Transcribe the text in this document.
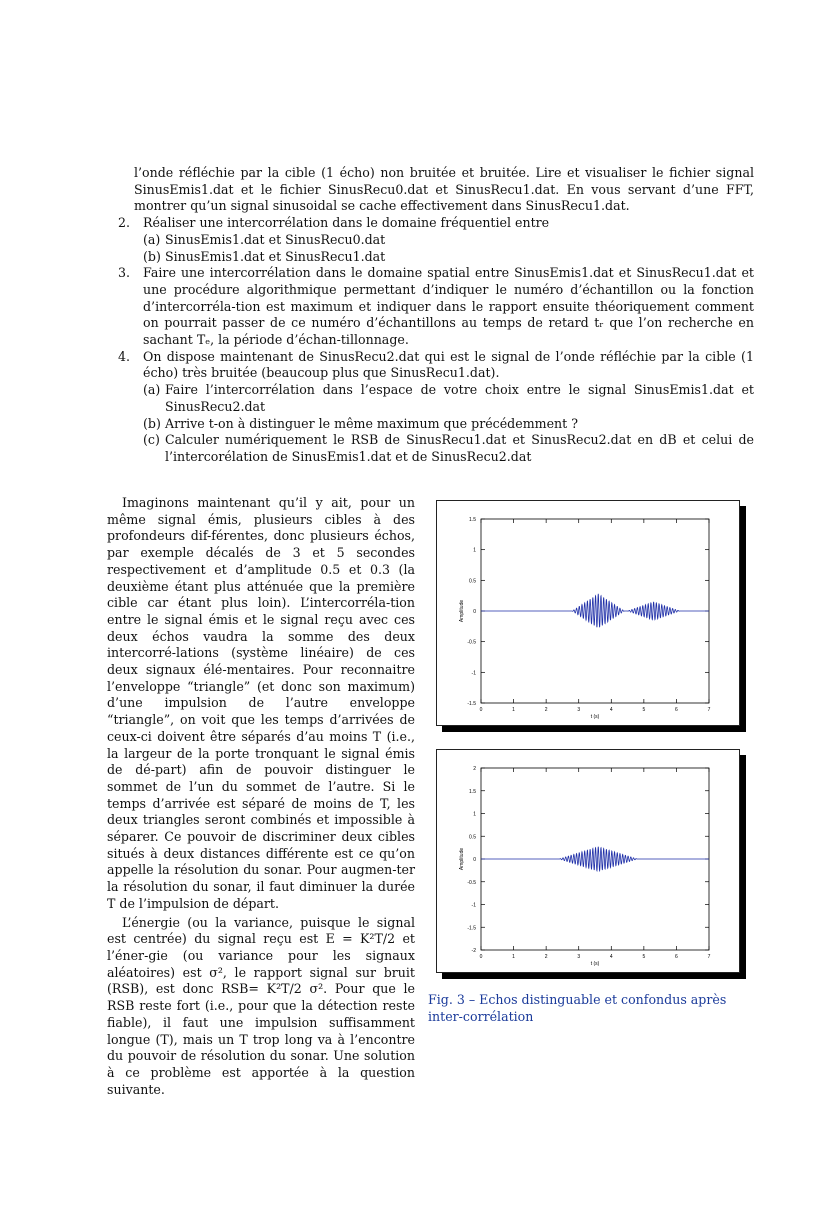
l’onde réfléchie par la cible (1 écho) non bruitée et bruitée. Lire et visualiser le fichier signal SinusEmis1.dat et le fichier SinusRecu0.dat et SinusRecu1.dat. En vous servant d’une FFT, montrer qu’un signal sinusoidal se cache effectivement dans SinusRecu1.dat.

2.	Réaliser une intercorrélation dans le domaine fréquentiel entre
(a) SinusEmis1.dat et SinusRecu0.dat
(b) SinusEmis1.dat et SinusRecu1.dat
3.	Faire une intercorrélation dans le domaine spatial entre SinusEmis1.dat et SinusRecu1.dat et une procédure algorithmique permettant d’indiquer le numéro d’échantillon ou la fonction d’intercorréla-tion est maximum et indiquer dans le rapport ensuite théoriquement comment on pourrait passer de ce numéro d’échantillons au temps de retard tᵣ que l’on recherche en sachant Tₑ, la période d’échan-tillonnage.
4.	On dispose maintenant de SinusRecu2.dat qui est le signal de l’onde réfléchie par la cible (1 écho) très bruitée (beaucoup plus que SinusRecu1.dat).
(a) Faire l’intercorrélation dans l’espace de votre choix entre le signal SinusEmis1.dat et SinusRecu2.dat
(b) Arrive t-on à distinguer le même maximum que précédemment ?
(c) Calculer numériquement le RSB de SinusRecu1.dat et SinusRecu2.dat en dB et celui de l’intercorélation de SinusEmis1.dat et de SinusRecu2.dat

Imaginons maintenant qu’il y ait, pour un même signal émis, plusieurs cibles à des profondeurs dif-férentes, donc plusieurs échos, par exemple décalés de 3 et 5 secondes respectivement et d’amplitude 0.5 et 0.3 (la deuxième étant plus atténuée que la première cible car étant plus loin). L’intercorréla-tion entre le signal émis et le signal reçu avec ces deux échos vaudra la somme des deux intercorré-lations (système linéaire) de ces deux signaux élé-mentaires. Pour reconnaitre l’enveloppe “triangle” (et donc son maximum) d’une impulsion de l’autre enveloppe “triangle”, on voit que les temps d’arrivées de ceux-ci doivent être séparés d’au moins T (i.e., la largeur de la porte tronquant le signal émis de dé-part) afin de pouvoir distinguer le sommet de l’un du sommet de l’autre. Si le temps d’arrivée est séparé de moins de T, les deux triangles seront combinés et impossible à séparer. Ce pouvoir de discriminer deux cibles situés à deux distances différente est ce qu’on appelle la résolution du sonar. Pour augmen-ter la résolution du sonar, il faut diminuer la durée T de l’impulsion de départ.

L’énergie (ou la variance, puisque le signal est centrée) du signal reçu est E = K²T/2 et l’éner-gie (ou variance pour les signaux aléatoires) est σ², le rapport signal sur bruit (RSB), est donc RSB= K²T/2 σ². Pour que le RSB reste fort (i.e., pour que la détection reste fiable), il faut une impulsion suffisamment longue (T), mais un T trop long va à l’encontre du pouvoir de résolution du sonar. Une solution à ce problème est apportée à la question suivante.

0	1	2	3	4	5	6	7
1.5
1
0.5
0
-0.5
-1
-1.5
t (s)
Amplitude
0	1	2	3	4	5	6	7
2
1.5
1
0.5
0
-0.5
-1
-1.5
-2
t (s)
Amplitude
Fig. 3 – Echos distinguable et confondus après inter-corrélation
